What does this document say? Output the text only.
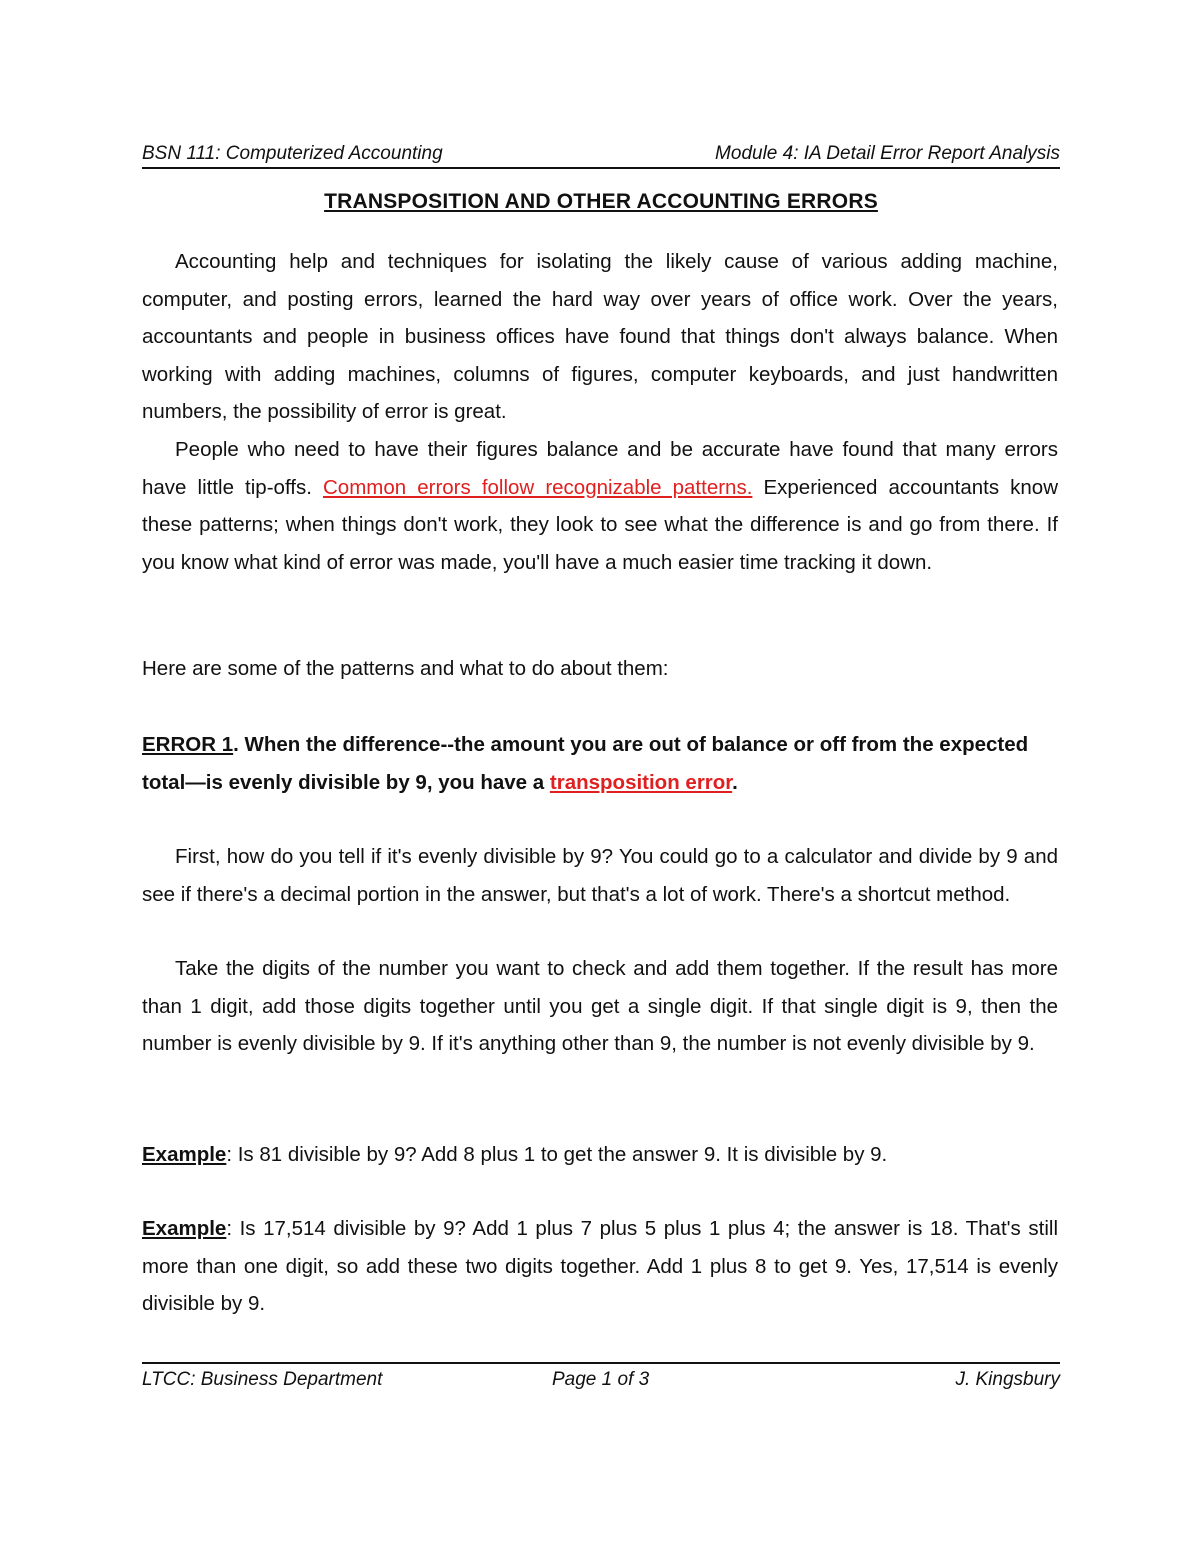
BSN 111: Computerized Accounting	Module 4: IA Detail Error Report Analysis
TRANSPOSITION AND OTHER ACCOUNTING ERRORS

Accounting help and techniques for isolating the likely cause of various adding machine, computer, and posting errors, learned the hard way over years of office work. Over the years, accountants and people in business offices have found that things don't always balance. When working with adding machines, columns of figures, computer keyboards, and just handwritten numbers, the possibility of error is great.

People who need to have their figures balance and be accurate have found that many errors have little tip-offs. Common errors follow recognizable patterns. Experienced accountants know these patterns; when things don't work, they look to see what the difference is and go from there. If you know what kind of error was made, you'll have a much easier time tracking it down.

Here are some of the patterns and what to do about them:

ERROR 1. When the difference--the amount you are out of balance or off from the expected total—is evenly divisible by 9, you have a transposition error.

First, how do you tell if it's evenly divisible by 9? You could go to a calculator and divide by 9 and see if there's a decimal portion in the answer, but that's a lot of work. There's a shortcut method.

Take the digits of the number you want to check and add them together. If the result has more than 1 digit, add those digits together until you get a single digit. If that single digit is 9, then the number is evenly divisible by 9. If it's anything other than 9, the number is not evenly divisible by 9.

Example: Is 81 divisible by 9? Add 8 plus 1 to get the answer 9. It is divisible by 9.

Example: Is 17,514 divisible by 9? Add 1 plus 7 plus 5 plus 1 plus 4; the answer is 18. That's still more than one digit, so add these two digits together. Add 1 plus 8 to get 9. Yes, 17,514 is evenly divisible by 9.

LTCC: Business Department	Page 1 of 3	J. Kingsbury
